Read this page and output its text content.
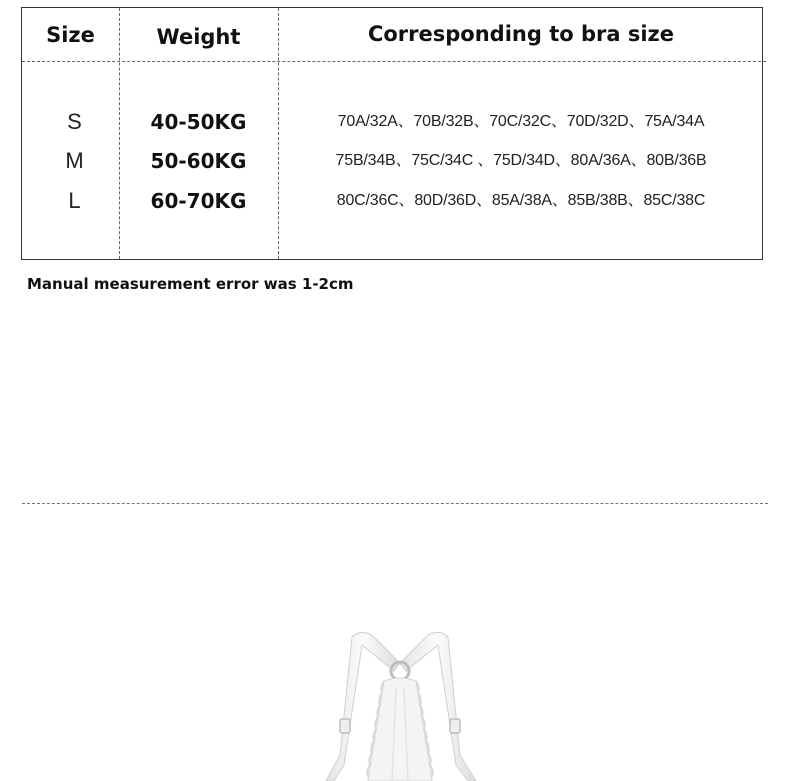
Size	Weight	Corresponding to bra size
S	40-50KG	70A/32A、70B/32B、70C/32C、70D/32D、75A/34A
M	50-60KG	75B/34B、75C/34C 、75D/34D、80A/36A、80B/36B
L	60-70KG	80C/36C、80D/36D、85A/38A、85B/38B、85C/38C
Manual measurement error was 1-2cm
